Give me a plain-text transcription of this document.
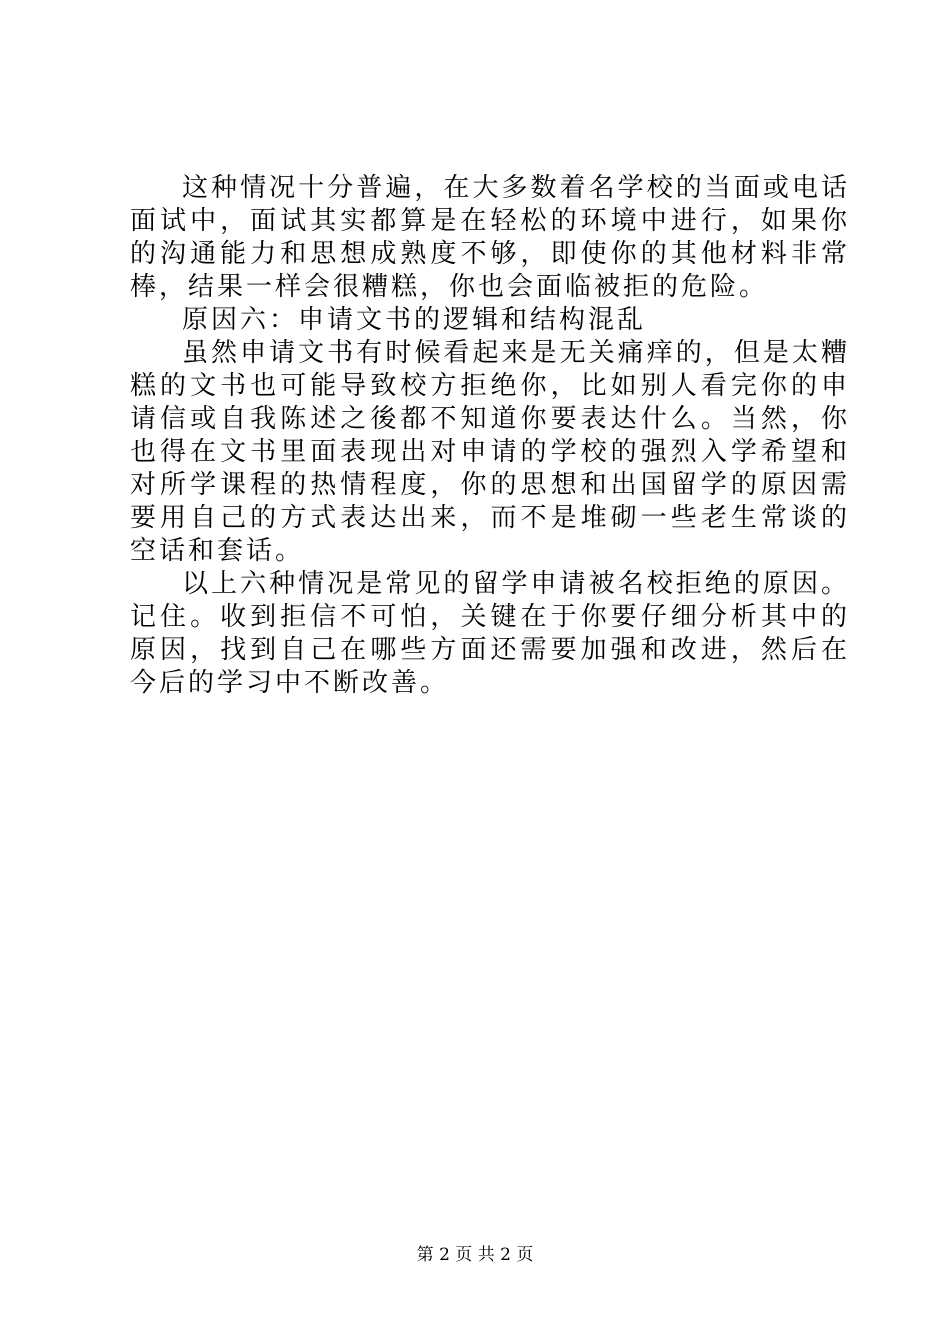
这种情况十分普遍，在大多数着名学校的当面或电话面试中，面试其实都算是在轻松的环境中进行，如果你的沟通能力和思想成熟度不够，即使你的其他材料非常棒，结果一样会很糟糕，你也会面临被拒的危险。

原因六：申请文书的逻辑和结构混乱

虽然申请文书有时候看起来是无关痛痒的，但是太糟糕的文书也可能导致校方拒绝你，比如别人看完你的申请信或自我陈述之後都不知道你要表达什么。当然，你也得在文书里面表现出对申请的学校的强烈入学希望和对所学课程的热情程度，你的思想和出国留学的原因需要用自己的方式表达出来，而不是堆砌一些老生常谈的空话和套话。

以上六种情况是常见的留学申请被名校拒绝的原因。记住。收到拒信不可怕，关键在于你要仔细分析其中的原因，找到自己在哪些方面还需要加强和改进，然后在今后的学习中不断改善。

第 2 页 共 2 页
